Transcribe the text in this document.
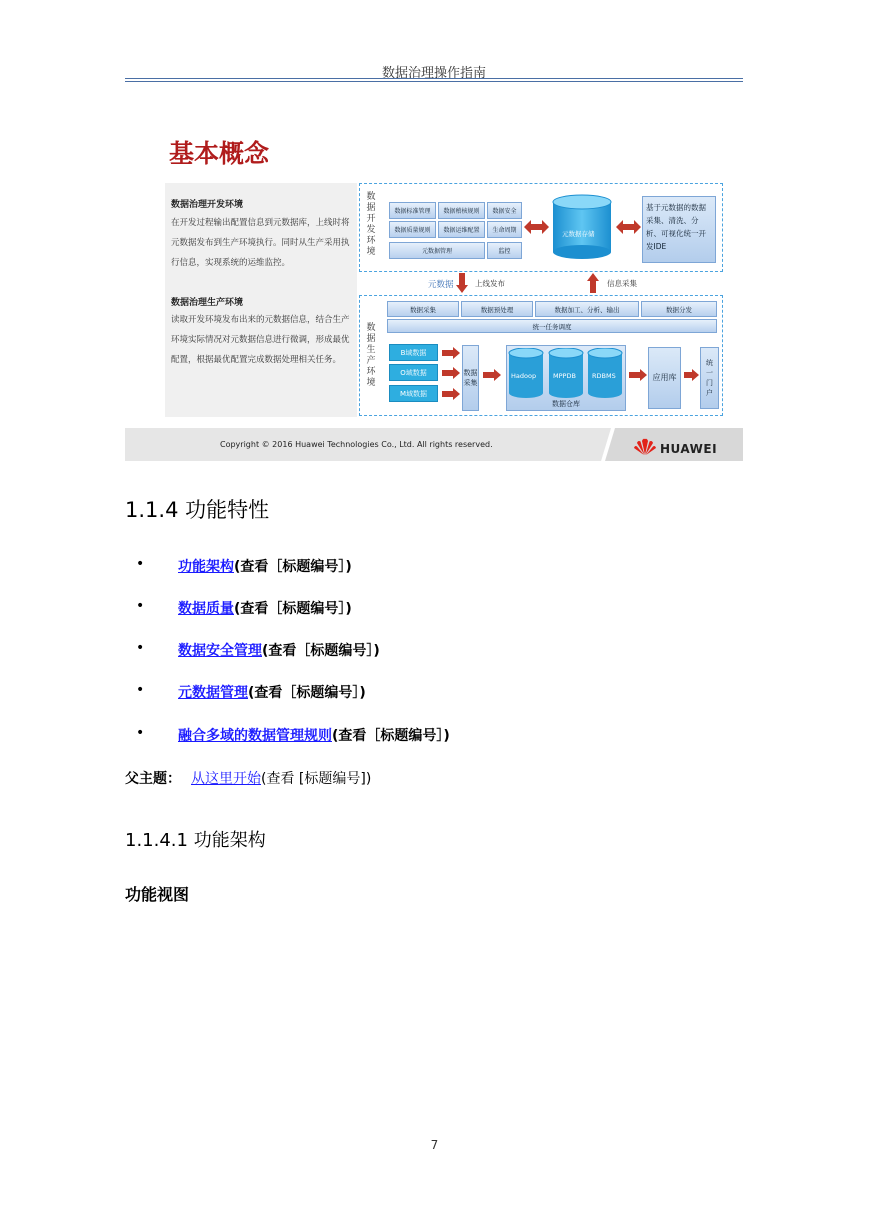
数据治理操作指南
基本概念
数据治理开发环境
在开发过程输出配置信息到元数据库，上线时将元数据发布到生产环境执行。同时从生产采用执行信息，实现系统的运维监控。
数据治理生产环境
读取开发环境发布出来的元数据信息，结合生产环境实际情况对元数据信息进行微调，形成最优配置，根据最优配置完成数据处理相关任务。
数据开发环境
数据标准管理	数据稽核规则	数据安全
数据质量规则	数据运维配置	生命周期
元数据管理	监控
元数据存储
基于元数据的数据采集、清洗、分析、可视化统一开发IDE
元数据	上线发布	信息采集
数据生产环境
数据采集	数据预处理	数据加工、分析、输出	数据分发
统一任务调度
B域数据
O域数据
M域数据
数据采集
数据仓库
Hadoop	MPPDB RDBMS	应用库
统一门户
Copyright © 2016 Huawei Technologies Co., Ltd. All rights reserved.	HUAWEI
1.1.4 功能特性
• 功能架构(查看［标题编号］)
• 数据质量(查看［标题编号］)
• 数据安全管理(查看［标题编号］)
• 元数据管理(查看［标题编号］)
• 融合多域的数据管理规则(查看［标题编号］)
父主题： 从这里开始(查看 [标题编号])
1.1.4.1 功能架构
功能视图
7
